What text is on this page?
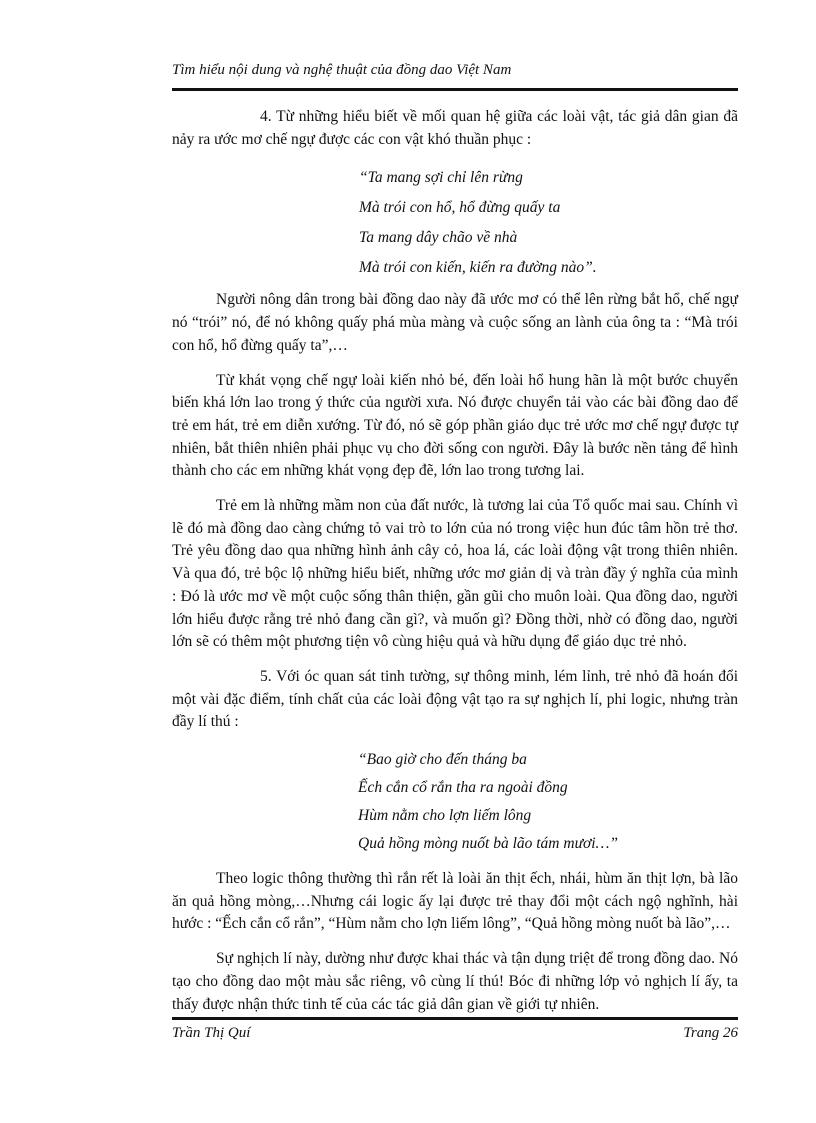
Tìm hiểu nội dung và nghệ thuật của đồng dao Việt Nam

4. Từ những hiểu biết về mối quan hệ giữa các loài vật, tác giả dân gian đã nảy ra ước mơ chế ngự được các con vật khó thuần phục :

“Ta mang sợi chỉ lên rừng
Mà trói con hổ, hổ đừng quấy ta
Ta mang dây chão về nhà
Mà trói con kiến, kiến ra đường nào”.

Người nông dân trong bài đồng dao này đã ước mơ có thể lên rừng bắt hổ, chế ngự nó “trói” nó, để nó không quấy phá mùa màng và cuộc sống an lành của ông ta : “Mà trói con hổ, hổ đừng quấy ta”,…

Từ khát vọng chế ngự loài kiến nhỏ bé, đến loài hổ hung hãn là một bước chuyển biến khá lớn lao trong ý thức của người xưa. Nó được chuyển tải vào các bài đồng dao để trẻ em hát, trẻ em diễn xướng. Từ đó, nó sẽ góp phần giáo dục trẻ ước mơ chế ngự được tự nhiên, bắt thiên nhiên phải phục vụ cho đời sống con người. Đây là bước nền tảng để hình thành cho các em những khát vọng đẹp đẽ, lớn lao trong tương lai.

Trẻ em là những mầm non của đất nước, là tương lai của Tổ quốc mai sau. Chính vì lẽ đó mà đồng dao càng chứng tỏ vai trò to lớn của nó trong việc hun đúc tâm hồn trẻ thơ. Trẻ yêu đồng dao qua những hình ảnh cây cỏ, hoa lá, các loài động vật trong thiên nhiên. Và qua đó, trẻ bộc lộ những hiểu biết, những ước mơ giản dị và tràn đầy ý nghĩa của mình : Đó là ước mơ về một cuộc sống thân thiện, gần gũi cho muôn loài. Qua đồng dao, người lớn hiểu được rằng trẻ nhỏ đang cần gì?, và muốn gì? Đồng thời, nhờ có đồng dao, người lớn sẽ có thêm một phương tiện vô cùng hiệu quả và hữu dụng để giáo dục trẻ nhỏ.

5. Với óc quan sát tinh tường, sự thông minh, lém lỉnh, trẻ nhỏ đã hoán đổi một vài đặc điểm, tính chất của các loài động vật tạo ra sự nghịch lí, phi logic, nhưng tràn đầy lí thú :

“Bao giờ cho đến tháng ba
Ếch cắn cổ rắn tha ra ngoài đồng
Hùm nằm cho lợn liếm lông
Quả hồng mòng nuốt bà lão tám mươi…”

Theo logic thông thường thì rắn rết là loài ăn thịt ếch, nhái, hùm ăn thịt lợn, bà lão ăn quả hồng mòng,…Nhưng cái logic ấy lại được trẻ thay đổi một cách ngộ nghĩnh, hài hước : “Ếch cắn cổ rắn”, “Hùm nằm cho lợn liếm lông”, “Quả hồng mòng nuốt bà lão”,…

Sự nghịch lí này, dường như được khai thác và tận dụng triệt để trong đồng dao. Nó tạo cho đồng dao một màu sắc riêng, vô cùng lí thú! Bóc đi những lớp vỏ nghịch lí ấy, ta thấy được nhận thức tinh tế của các tác giả dân gian về giới tự nhiên.

Trần Thị Quí	Trang 26
